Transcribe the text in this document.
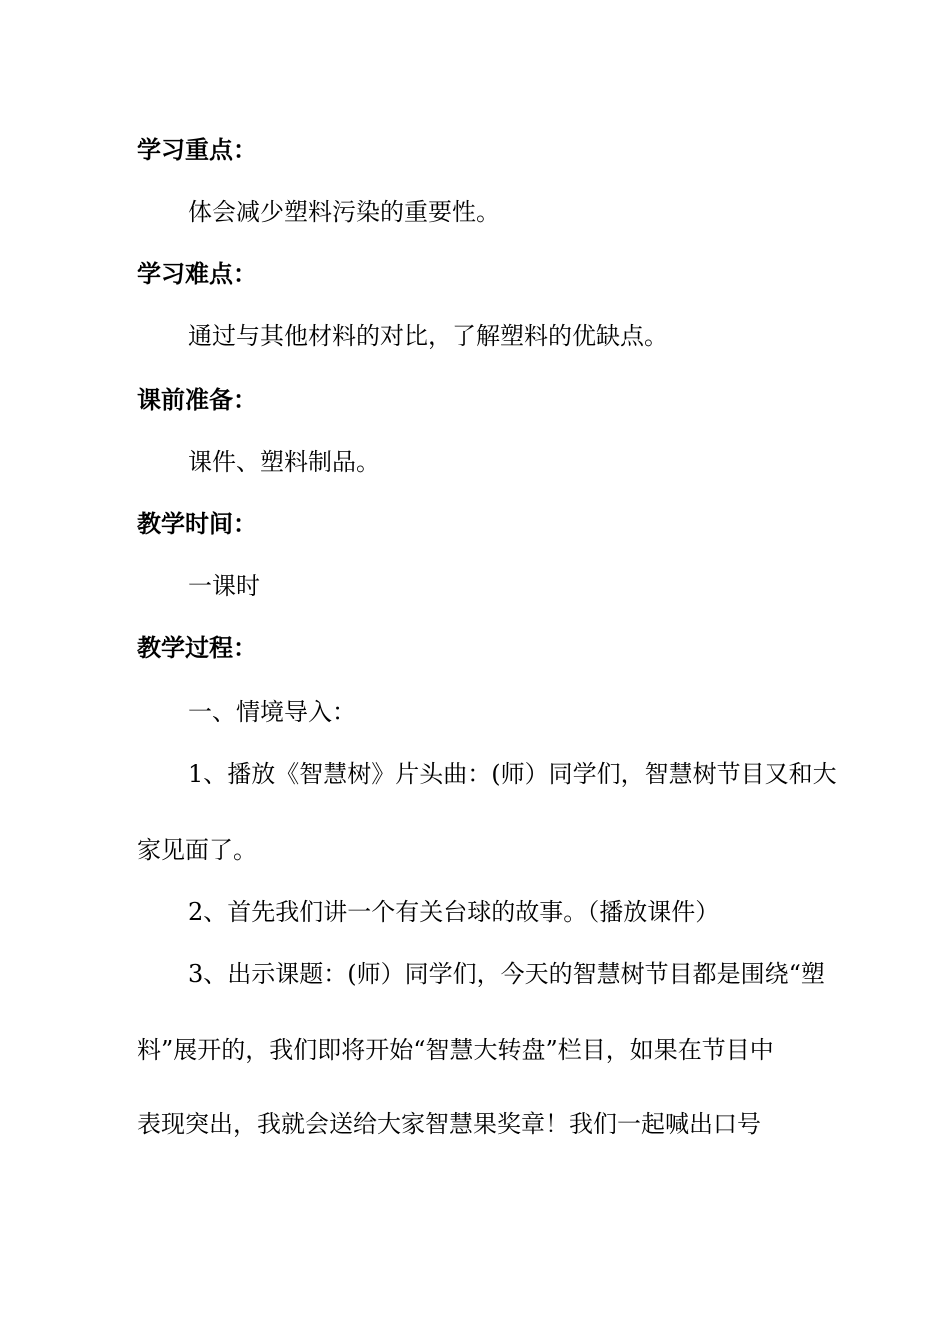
学习重点：
体会减少塑料污染的重要性。
学习难点：
通过与其他材料的对比，了解塑料的优缺点。
课前准备：
课件、塑料制品。
教学时间：
一课时
教学过程：
一、情境导入：
1、播放《智慧树》片头曲：(师）同学们，智慧树节目又和大
家见面了。
2、首先我们讲一个有关台球的故事。（播放课件）
3、出示课题：(师）同学们，今天的智慧树节目都是围绕“塑
料”展开的，我们即将开始“智慧大转盘”栏目，如果在节目中
表现突出，我就会送给大家智慧果奖章！我们一起喊出口号
